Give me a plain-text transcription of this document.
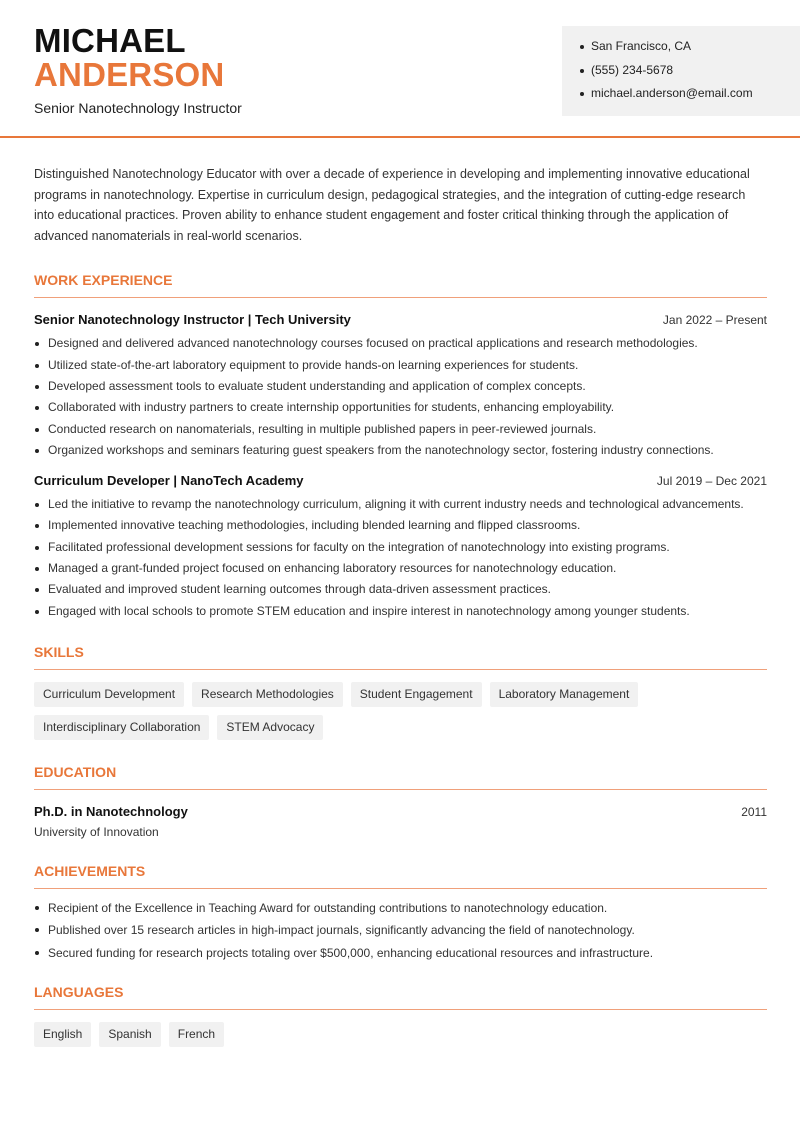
MICHAEL
ANDERSON
Senior Nanotechnology Instructor
San Francisco, CA
(555) 234-5678
michael.anderson@email.com

Distinguished Nanotechnology Educator with over a decade of experience in developing and implementing innovative educational programs in nanotechnology. Expertise in curriculum design, pedagogical strategies, and the integration of cutting-edge research into educational practices. Proven ability to enhance student engagement and foster critical thinking through the application of advanced nanomaterials in real-world scenarios.

WORK EXPERIENCE
Senior Nanotechnology Instructor | Tech University	Jan 2022 – Present
Designed and delivered advanced nanotechnology courses focused on practical applications and research methodologies.
Utilized state-of-the-art laboratory equipment to provide hands-on learning experiences for students.
Developed assessment tools to evaluate student understanding and application of complex concepts.
Collaborated with industry partners to create internship opportunities for students, enhancing employability.
Conducted research on nanomaterials, resulting in multiple published papers in peer-reviewed journals.
Organized workshops and seminars featuring guest speakers from the nanotechnology sector, fostering industry connections.
Curriculum Developer | NanoTech Academy	Jul 2019 – Dec 2021
Led the initiative to revamp the nanotechnology curriculum, aligning it with current industry needs and technological advancements.
Implemented innovative teaching methodologies, including blended learning and flipped classrooms.
Facilitated professional development sessions for faculty on the integration of nanotechnology into existing programs.
Managed a grant-funded project focused on enhancing laboratory resources for nanotechnology education.
Evaluated and improved student learning outcomes through data-driven assessment practices.
Engaged with local schools to promote STEM education and inspire interest in nanotechnology among younger students.
SKILLS
Curriculum Development	Research Methodologies	Student Engagement	Laboratory Management
Interdisciplinary Collaboration	STEM Advocacy
EDUCATION
Ph.D. in Nanotechnology	2011
University of Innovation
ACHIEVEMENTS
Recipient of the Excellence in Teaching Award for outstanding contributions to nanotechnology education.
Published over 15 research articles in high-impact journals, significantly advancing the field of nanotechnology.
Secured funding for research projects totaling over $500,000, enhancing educational resources and infrastructure.
LANGUAGES
English	Spanish	French
